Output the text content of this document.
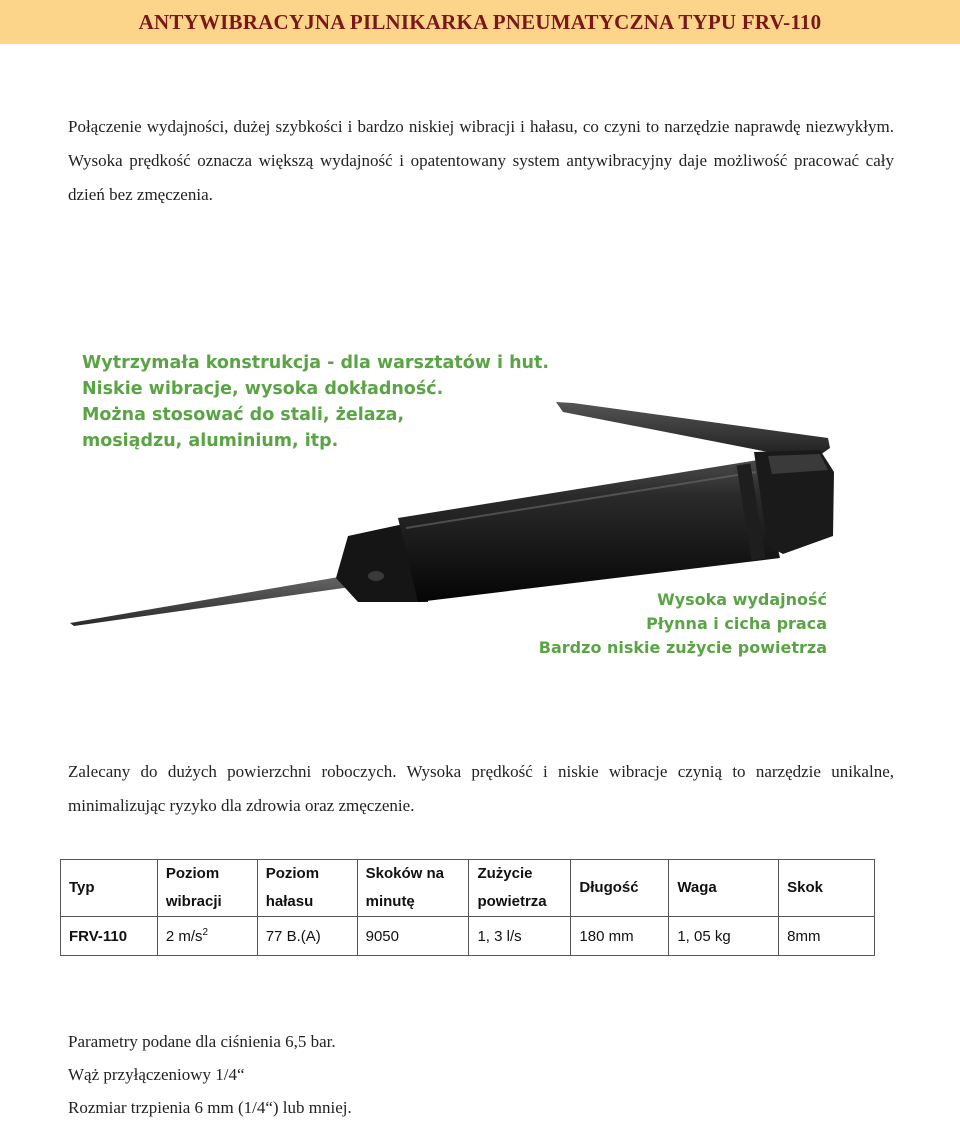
ANTYWIBRACYJNA PILNIKARKA PNEUMATYCZNA TYPU FRV-110

Połączenie wydajności, dużej szybkości i bardzo niskiej wibracji i hałasu, co czyni to narzędzie naprawdę niezwykłym. Wysoka prędkość oznacza większą wydajność i opatentowany system antywibracyjny daje możliwość pracować cały dzień bez zmęczenia.

Wytrzymała konstrukcja - dla warsztatów i hut.
Niskie wibracje, wysoka dokładność.
Można stosować do stali, żelaza,
mosiądzu, aluminium, itp.
Wysoka wydajność
Płynna i cicha praca
Bardzo niskie zużycie powietrza

Zalecany do dużych powierzchni roboczych. Wysoka prędkość i niskie wibracje czynią to narzędzie unikalne, minimalizując ryzyko dla zdrowia oraz zmęczenie.

Typ	Poziom wibracji	Poziom hałasu	Skoków na minutę	Zużycie powietrza	Długość	Waga	Skok
FRV-110	2 $m/s^2$	77 B.(A)	9050	1, 3 l/s	180 mm	1, 05 kg	8mm
Parametry podane dla ciśnienia 6,5 bar.
Wąż przyłączeniowy 1/4“
Rozmiar trzpienia 6 mm (1/4“) lub mniej.
